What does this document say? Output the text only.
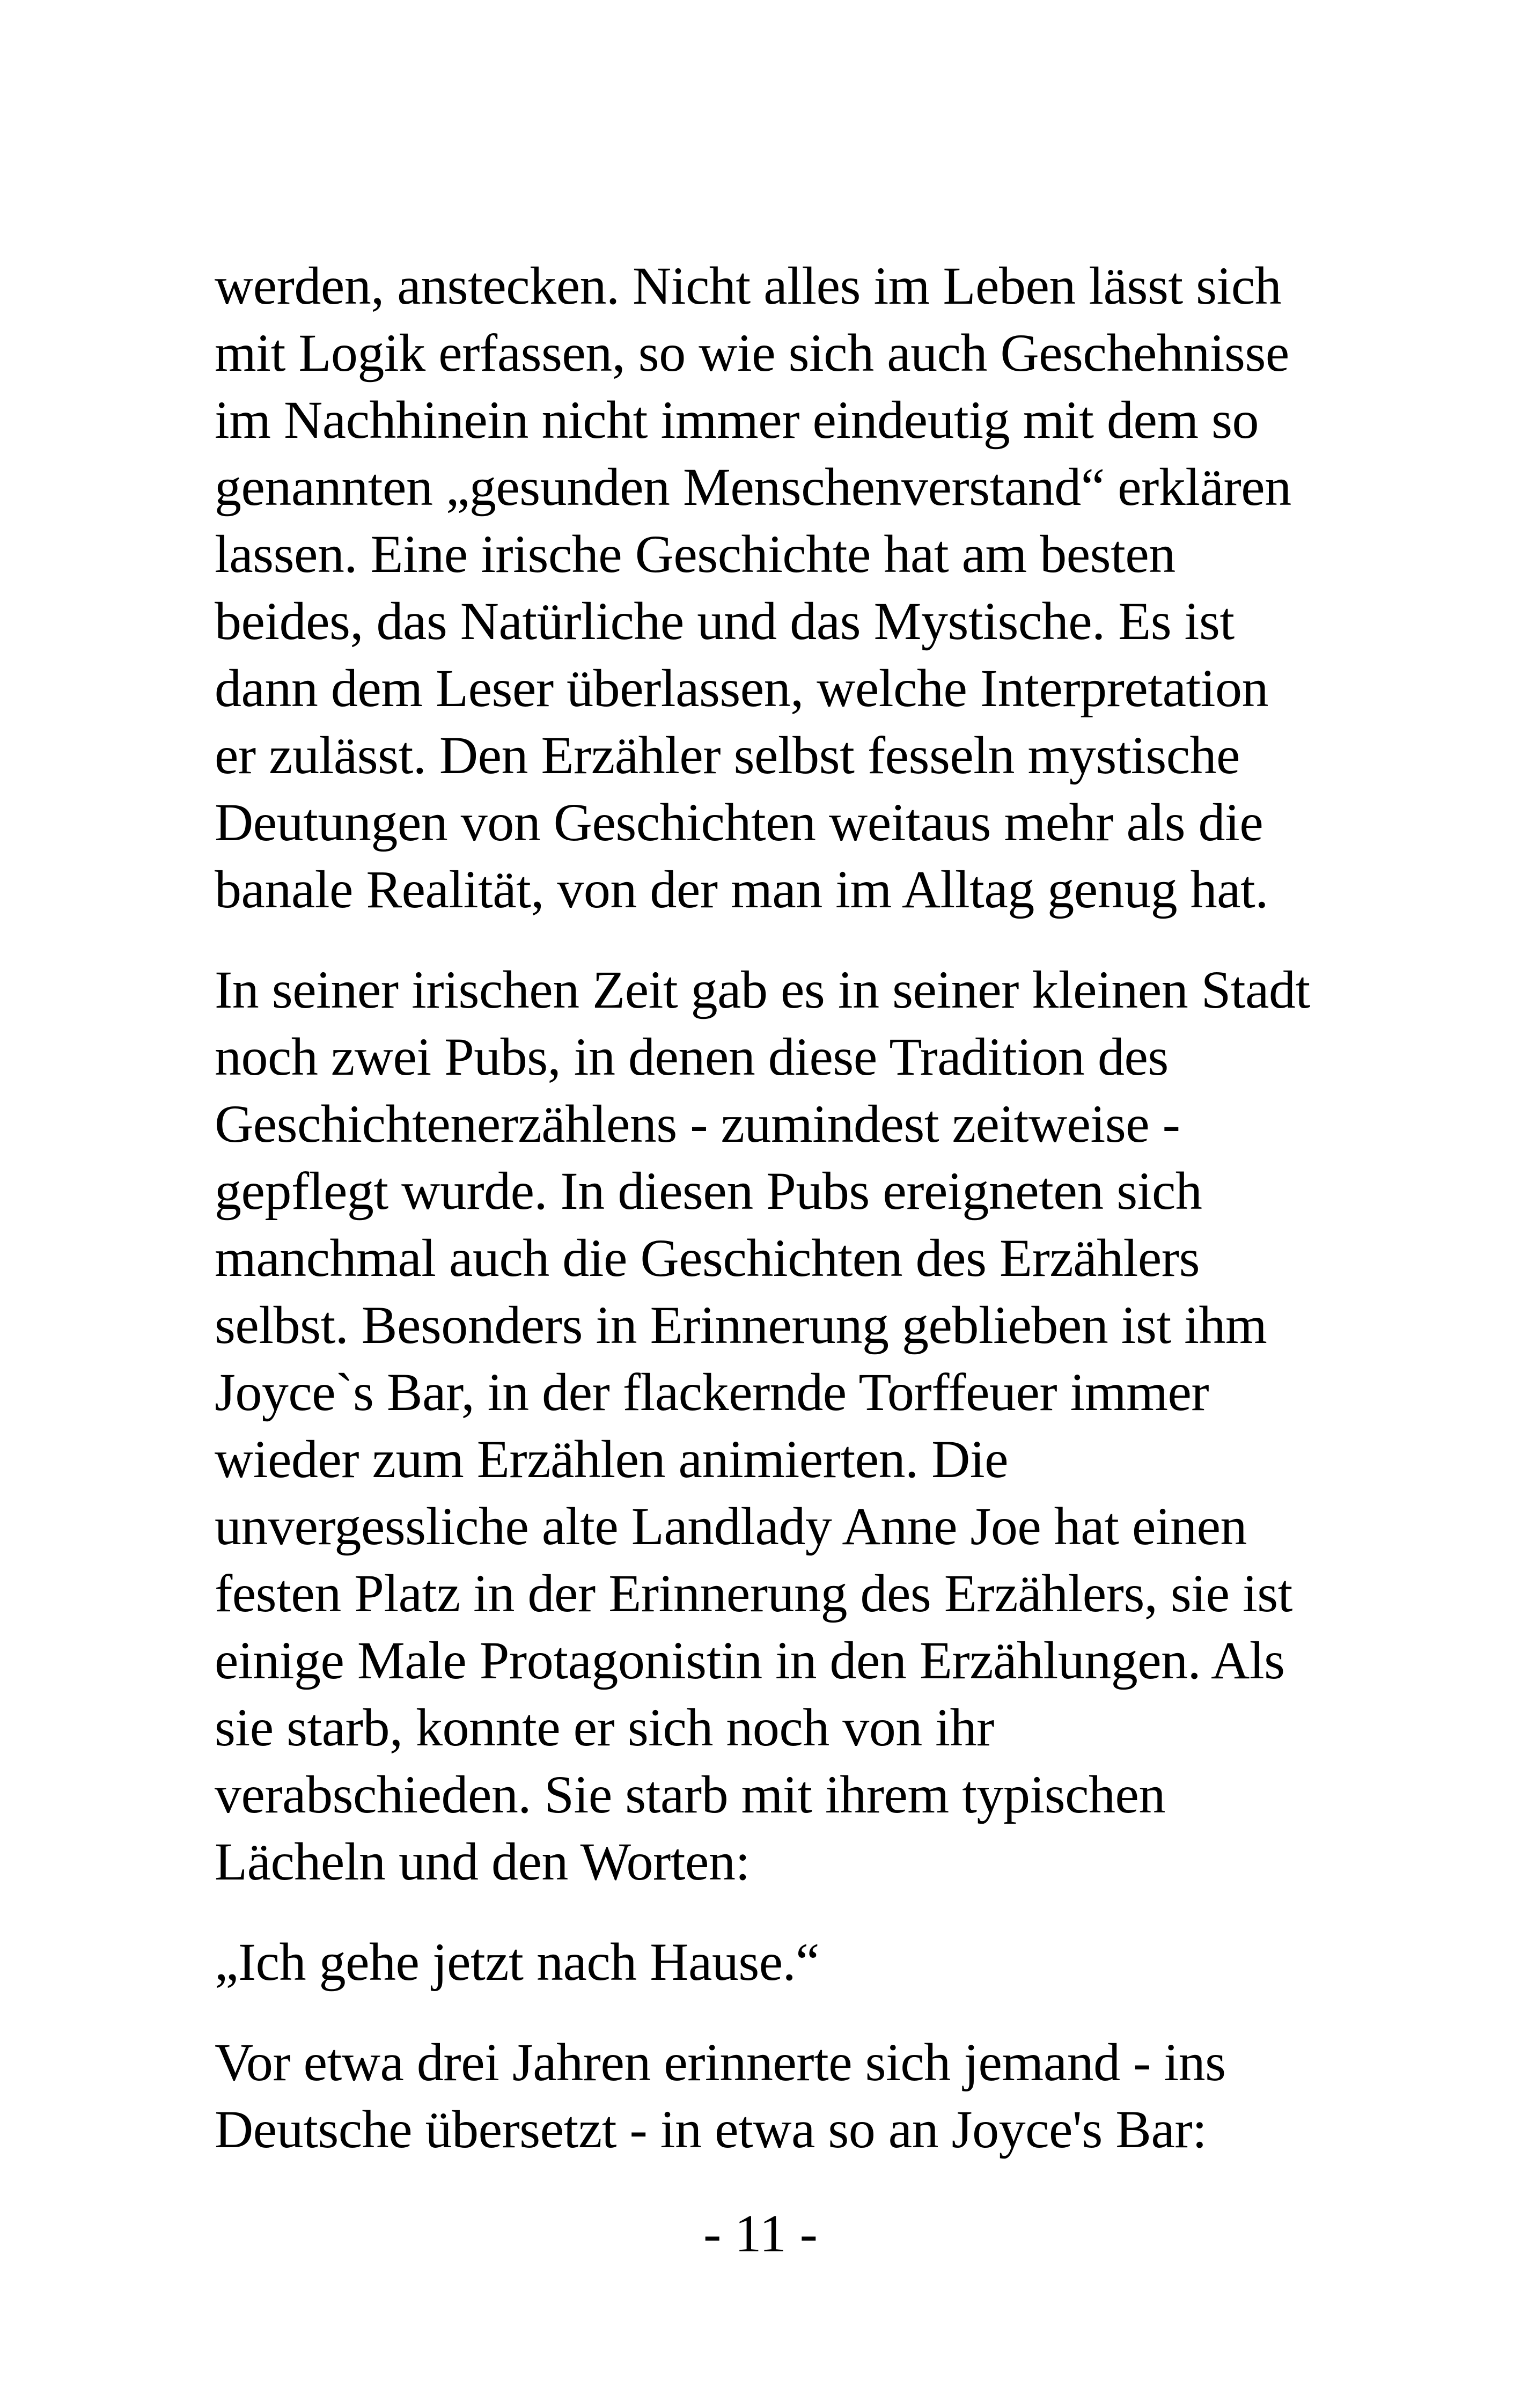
werden, anstecken. Nicht alles im Leben lässt sich
mit Logik erfassen, so wie sich auch Geschehnisse
im Nachhinein nicht immer eindeutig mit dem so
genannten „gesunden Menschenverstand“ erklären
lassen. Eine irische Geschichte hat am besten
beides, das Natürliche und das Mystische. Es ist
dann dem Leser überlassen, welche Interpretation
er zulässt. Den Erzähler selbst fesseln mystische
Deutungen von Geschichten weitaus mehr als die
banale Realität, von der man im Alltag genug hat.

In seiner irischen Zeit gab es in seiner kleinen Stadt
noch zwei Pubs, in denen diese Tradition des
Geschichtenerzählens - zumindest zeitweise -
gepflegt wurde. In diesen Pubs ereigneten sich
manchmal auch die Geschichten des Erzählers
selbst. Besonders in Erinnerung geblieben ist ihm
Joyce`s Bar, in der flackernde Torffeuer immer
wieder zum Erzählen animierten. Die
unvergessliche alte Landlady Anne Joe hat einen
festen Platz in der Erinnerung des Erzählers, sie ist
einige Male Protagonistin in den Erzählungen. Als
sie starb, konnte er sich noch von ihr
verabschieden. Sie starb mit ihrem typischen
Lächeln und den Worten:

„Ich gehe jetzt nach Hause.“

Vor etwa drei Jahren erinnerte sich jemand - ins
Deutsche übersetzt - in etwa so an Joyce's Bar:

- 11 -
